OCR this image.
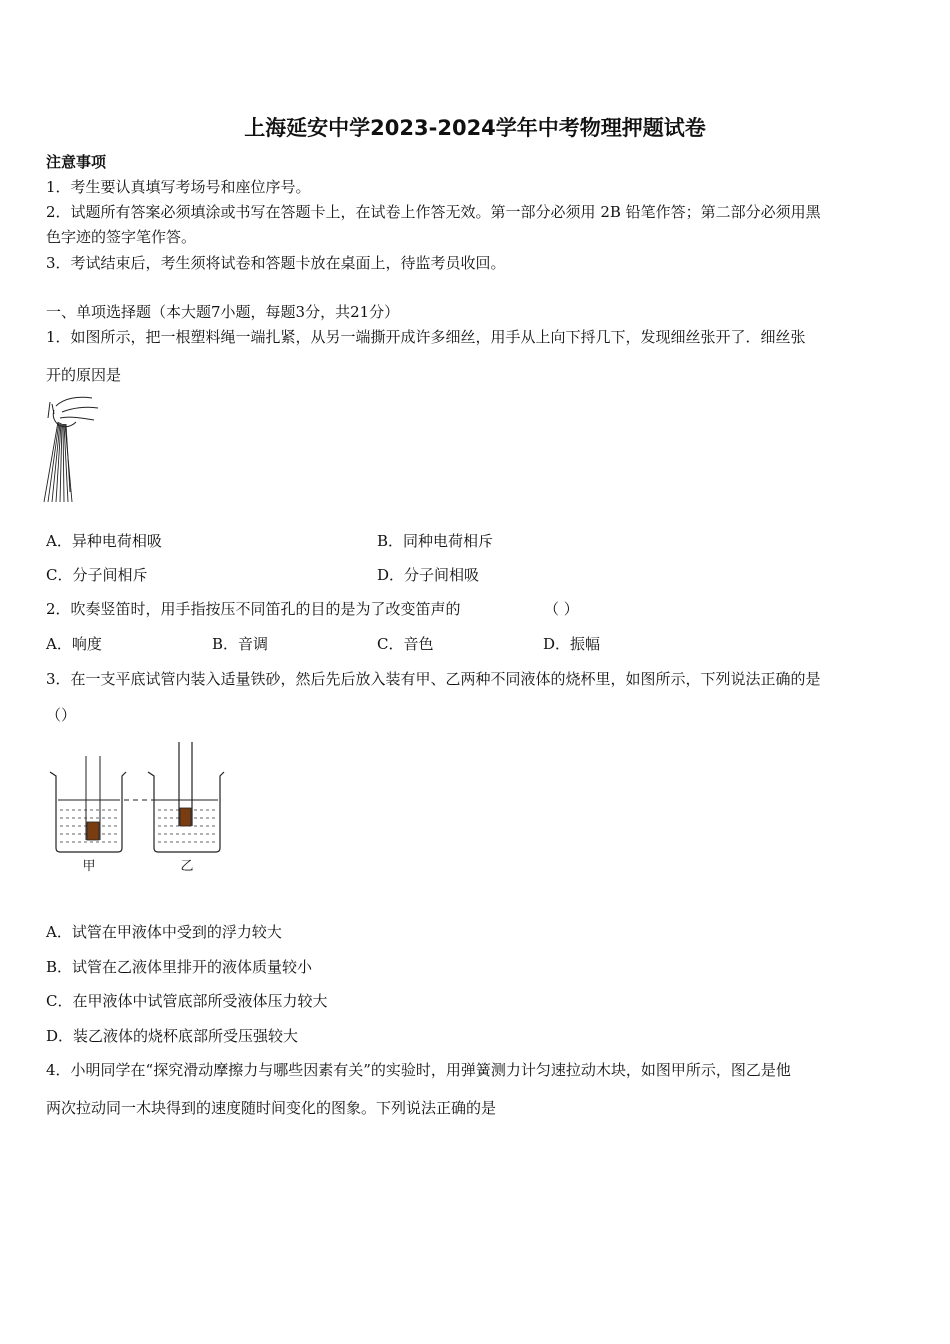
上海延安中学2023-2024学年中考物理押题试卷
注意事项
1．考生要认真填写考场号和座位序号。
2．试题所有答案必须填涂或书写在答题卡上，在试卷上作答无效。第一部分必须用 2B 铅笔作答；第二部分必须用黑
色字迹的签字笔作答。
3．考试结束后，考生须将试卷和答题卡放在桌面上，待监考员收回。
一、单项选择题（本大题7小题，每题3分，共21分）
1．如图所示，把一根塑料绳一端扎紧，从另一端撕开成许多细丝，用手从上向下捋几下，发现细丝张开了．细丝张
开的原因是
A．异种电荷相吸	B．同种电荷相斥
C．分子间相斥	D．分子间相吸
2．吹奏竖笛时，用手指按压不同笛孔的目的是为了改变笛声的	（ ）
A．响度	B．音调	C．音色	D．振幅
3．在一支平底试管内装入适量铁砂，然后先后放入装有甲、乙两种不同液体的烧杯里，如图所示，下列说法正确的是
（）
甲	乙
A．试管在甲液体中受到的浮力较大
B．试管在乙液体里排开的液体质量较小
C．在甲液体中试管底部所受液体压力较大
D．装乙液体的烧杯底部所受压强较大
4．小明同学在“探究滑动摩擦力与哪些因素有关”的实验时，用弹簧测力计匀速拉动木块，如图甲所示，图乙是他
两次拉动同一木块得到的速度随时间变化的图象。下列说法正确的是
